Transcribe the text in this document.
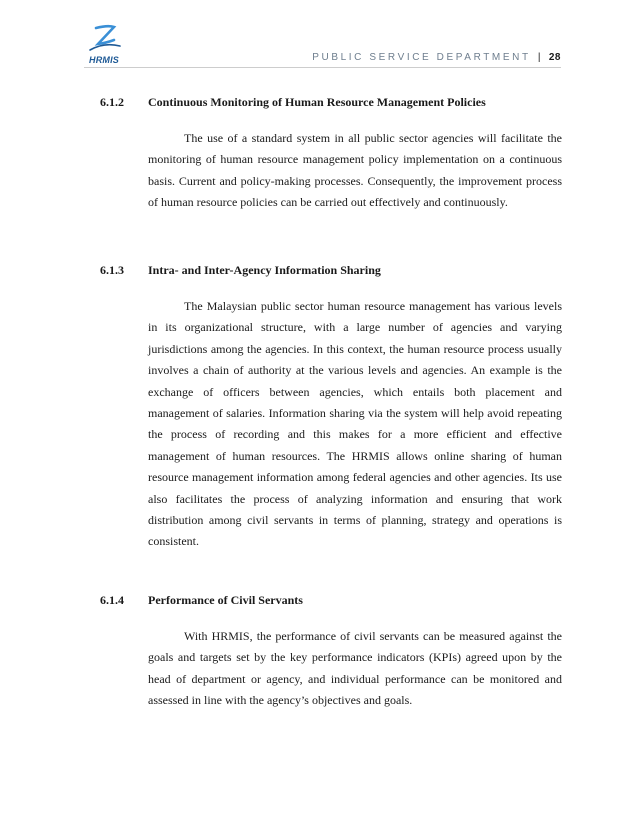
HRMIS	PUBLIC SERVICE DEPARTMENT | 28
6.1.2 Continuous Monitoring of Human Resource Management Policies
The use of a standard system in all public sector agencies will facilitate the monitoring of human resource management policy implementation on a continuous basis. Current and policy-making processes. Consequently, the improvement process of human resource policies can be carried out effectively and continuously.
6.1.3 Intra- and Inter-Agency Information Sharing
The Malaysian public sector human resource management has various levels in its organizational structure, with a large number of agencies and varying jurisdictions among the agencies. In this context, the human resource process usually involves a chain of authority at the various levels and agencies. An example is the exchange of officers between agencies, which entails both placement and management of salaries. Information sharing via the system will help avoid repeating the process of recording and this makes for a more efficient and effective management of human resources. The HRMIS allows online sharing of human resource management information among federal agencies and other agencies. Its use also facilitates the process of analyzing information and ensuring that work distribution among civil servants in terms of planning, strategy and operations is consistent.
6.1.4 Performance of Civil Servants
With HRMIS, the performance of civil servants can be measured against the goals and targets set by the key performance indicators (KPIs) agreed upon by the head of department or agency, and individual performance can be monitored and assessed in line with the agency’s objectives and goals.
